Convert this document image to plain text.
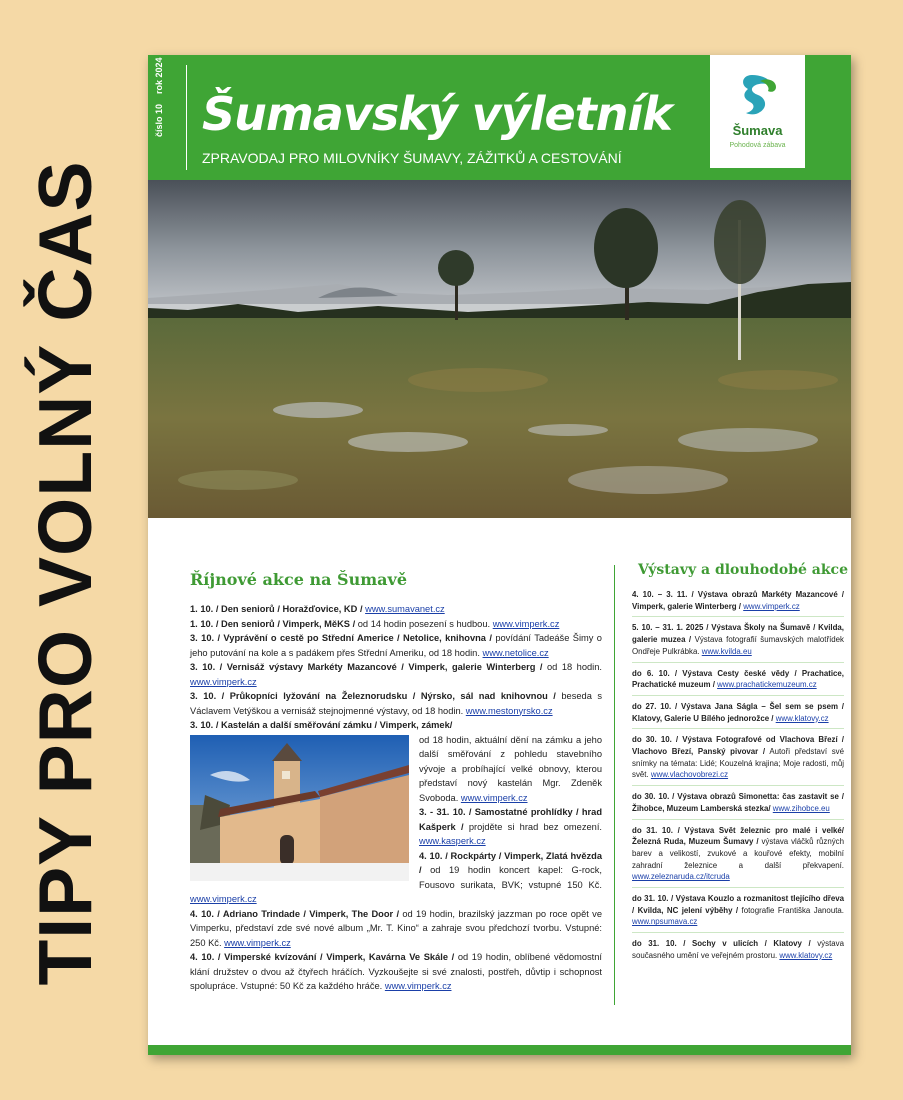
TIPY PRO VOLNÝ ČAS
číslo 10rok 2024
Šumavský výletník
ZPRAVODAJ PRO MILOVNÍKY ŠUMAVY, ZÁŽITKŮ A CESTOVÁNÍ
Šumava
Pohodová zábava
Říjnové akce na Šumavě	Výstavy a dlouhodobé akce

1. 10. / Den seniorů / Horažďovice, KD / www.sumavanet.cz

1. 10. / Den seniorů / Vimperk, MěKS / od 14 hodin posezení s hudbou. www.vimperk.cz

3. 10. / Vyprávění o cestě po Střední Americe / Netolice, knihovna / povídání Tadeáše Šimy o jeho putování na kole a s padákem přes Střední Ameriku, od 18 hodin. www.netolice.cz

3. 10. / Vernisáž výstavy Markéty Mazancové / Vimperk, galerie Winterberg / od 18 hodin. www.vimperk.cz

3. 10. / Průkopníci lyžování na Železnorudsku / Nýrsko, sál nad knihovnou / beseda s Václavem Vetýškou a vernisáž stejnojmenné výstavy, od 18 hodin. www.mestonyrsko.cz

3. 10. / Kastelán a další směřování zámku / Vimperk, zámek/

od 18 hodin, aktuální dění na zámku a jeho další směřování z pohledu stavebního vývoje a probíhající velké obnovy, kterou představí nový kastelán Mgr. Zdeněk Svoboda. www.vimperk.cz

3. - 31. 10. / Samostatné prohlídky / hrad Kašperk / projděte si hrad bez omezení. www.kasperk.cz

4. 10. / Rockpárty / Vimperk, Zlatá hvězda / od 19 hodin koncert kapel: G-rock, Fousovo surikata, BVK; vstupné 150 Kč. www.vimperk.cz

4. 10. / Adriano Trindade / Vimperk, The Door / od 19 hodin, brazilský jazzman po roce opět ve Vimperku, představí zde své nové album „Mr. T. Kino“ a zahraje svou předchozí tvorbu. Vstupné: 250 Kč. www.vimperk.cz

4. 10. / Vimperské kvízování / Vimperk, Kavárna Ve Skále / od 19 hodin, oblíbené vědomostní klání družstev o dvou až čtyřech hráčích. Vyzkoušejte si své znalosti, postřeh, důvtip i schopnost spolupráce. Vstupné: 50 Kč za každého hráče. www.vimperk.cz

4. 10. – 3. 11. / Výstava obrazů Markéty Mazancové / Vimperk, galerie Winterberg / www.vimperk.cz

5. 10. – 31. 1. 2025 / Výstava Školy na Šumavě / Kvilda, galerie muzea / Výstava fotografií šumavských malotřídek Ondřeje Pulkrábka. www.kvilda.eu

do 6. 10. / Výstava Cesty české vědy / Prachatice, Prachatické muzeum / www.prachatickemuzeum.cz

do 27. 10. / Výstava Jana Ságla – Šel sem se psem / Klatovy, Galerie U Bílého jednorožce / www.klatovy.cz

do 30. 10. / Výstava Fotografové od Vlachova Březí / Vlachovo Březí, Panský pivovar / Autoři představí své snímky na témata: Lidé; Kouzelná krajina; Moje radosti, můj svět. www.vlachovobrezi.cz

do 30. 10. / Výstava obrazů Simonetta: čas zastavit se / Žihobce, Muzeum Lamberská stezka/ www.zihobce.eu

do 31. 10. / Výstava Svět železnic pro malé i velké/ Železná Ruda, Muzeum Šumavy / výstava vláčků různých barev a velikostí, zvukové a kouřové efekty, mobilní zahradní železnice a další překvapení. www.zeleznaruda.cz/itcruda

do 31. 10. / Výstava Kouzlo a rozmanitost tlejícího dřeva / Kvilda, NC jelení výběhy / fotografie Františka Janouta. www.npsumava.cz

do 31. 10. / Sochy v ulicích / Klatovy / výstava současného umění ve veřejném prostoru. www.klatovy.cz
